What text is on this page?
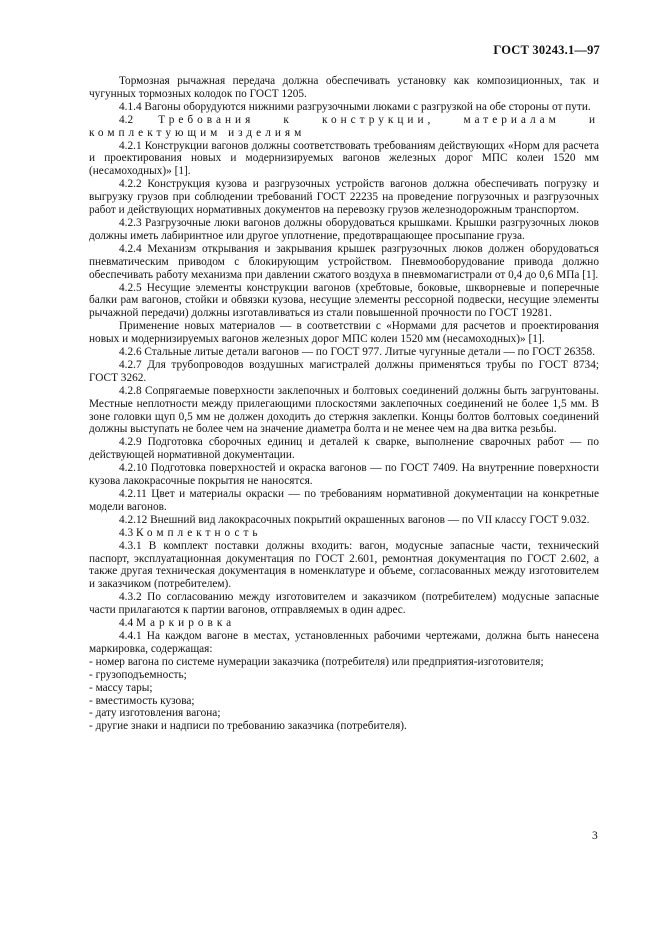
ГОСТ 30243.1—97

Тормозная рычажная передача должна обеспечивать установку как композиционных, так и чугунных тормозных колодок по ГОСТ 1205.

4.1.4 Вагоны оборудуются нижними разгрузочными люками с разгрузкой на обе стороны от пути.

4.2 Требования к конструкции, материалам и комплектующим изделиям

4.2.1 Конструкции вагонов должны соответствовать требованиям действующих «Норм для расчета и проектирования новых и модернизируемых вагонов железных дорог МПС колеи 1520 мм (несамоходных)» [1].

4.2.2 Конструкция кузова и разгрузочных устройств вагонов должна обеспечивать погрузку и выгрузку грузов при соблюдении требований ГОСТ 22235 на проведение погрузочных и разгрузочных работ и действующих нормативных документов на перевозку грузов железнодорожным транспортом.

4.2.3 Разгрузочные люки вагонов должны оборудоваться крышками. Крышки разгрузочных люков должны иметь лабиринтное или другое уплотнение, предотвращающее просыпание груза.

4.2.4 Механизм открывания и закрывания крышек разгрузочных люков должен оборудоваться пневматическим приводом с блокирующим устройством. Пневмооборудование привода должно обеспечивать работу механизма при давлении сжатого воздуха в пневмомагистрали от 0,4 до 0,6 МПа [1].

4.2.5 Несущие элементы конструкции вагонов (хребтовые, боковые, шкворневые и поперечные балки рам вагонов, стойки и обвязки кузова, несущие элементы рессорной подвески, несущие элементы рычажной передачи) должны изготавливаться из стали повышенной прочности по ГОСТ 19281.

Применение новых материалов — в соответствии с «Нормами для расчетов и проектирования новых и модернизируемых вагонов железных дорог МПС колеи 1520 мм (несамоходных)» [1].

4.2.6 Стальные литые детали вагонов — по ГОСТ 977. Литые чугунные детали — по ГОСТ 26358.

4.2.7 Для трубопроводов воздушных магистралей должны применяться трубы по ГОСТ 8734; ГОСТ 3262.

4.2.8 Сопрягаемые поверхности заклепочных и болтовых соединений должны быть загрунтованы. Местные неплотности между прилегающими плоскостями заклепочных соединений не более 1,5 мм. В зоне головки щуп 0,5 мм не должен доходить до стержня заклепки. Концы болтов болтовых соединений должны выступать не более чем на значение диаметра болта и не менее чем на два витка резьбы.

4.2.9 Подготовка сборочных единиц и деталей к сварке, выполнение сварочных работ — по действующей нормативной документации.

4.2.10 Подготовка поверхностей и окраска вагонов — по ГОСТ 7409. На внутренние поверхности кузова лакокрасочные покрытия не наносятся.

4.2.11 Цвет и материалы окраски — по требованиям нормативной документации на конкретные модели вагонов.

4.2.12 Внешний вид лакокрасочных покрытий окрашенных вагонов — по VII классу ГОСТ 9.032.

4.3 Комплектность

4.3.1 В комплект поставки должны входить: вагон, модусные запасные части, технический паспорт, эксплуатационная документация по ГОСТ 2.601, ремонтная документация по ГОСТ 2.602, а также другая техническая документация в номенклатуре и объеме, согласованных между изготовителем и заказчиком (потребителем).

4.3.2 По согласованию между изготовителем и заказчиком (потребителем) модусные запасные части прилагаются к партии вагонов, отправляемых в один адрес.

4.4 Маркировка

4.4.1 На каждом вагоне в местах, установленных рабочими чертежами, должна быть нанесена маркировка, содержащая:

- номер вагона по системе нумерации заказчика (потребителя) или предприятия-изготовителя;

- грузоподъемность;

- массу тары;

- вместимость кузова;

- дату изготовления вагона;

- другие знаки и надписи по требованию заказчика (потребителя).

3
